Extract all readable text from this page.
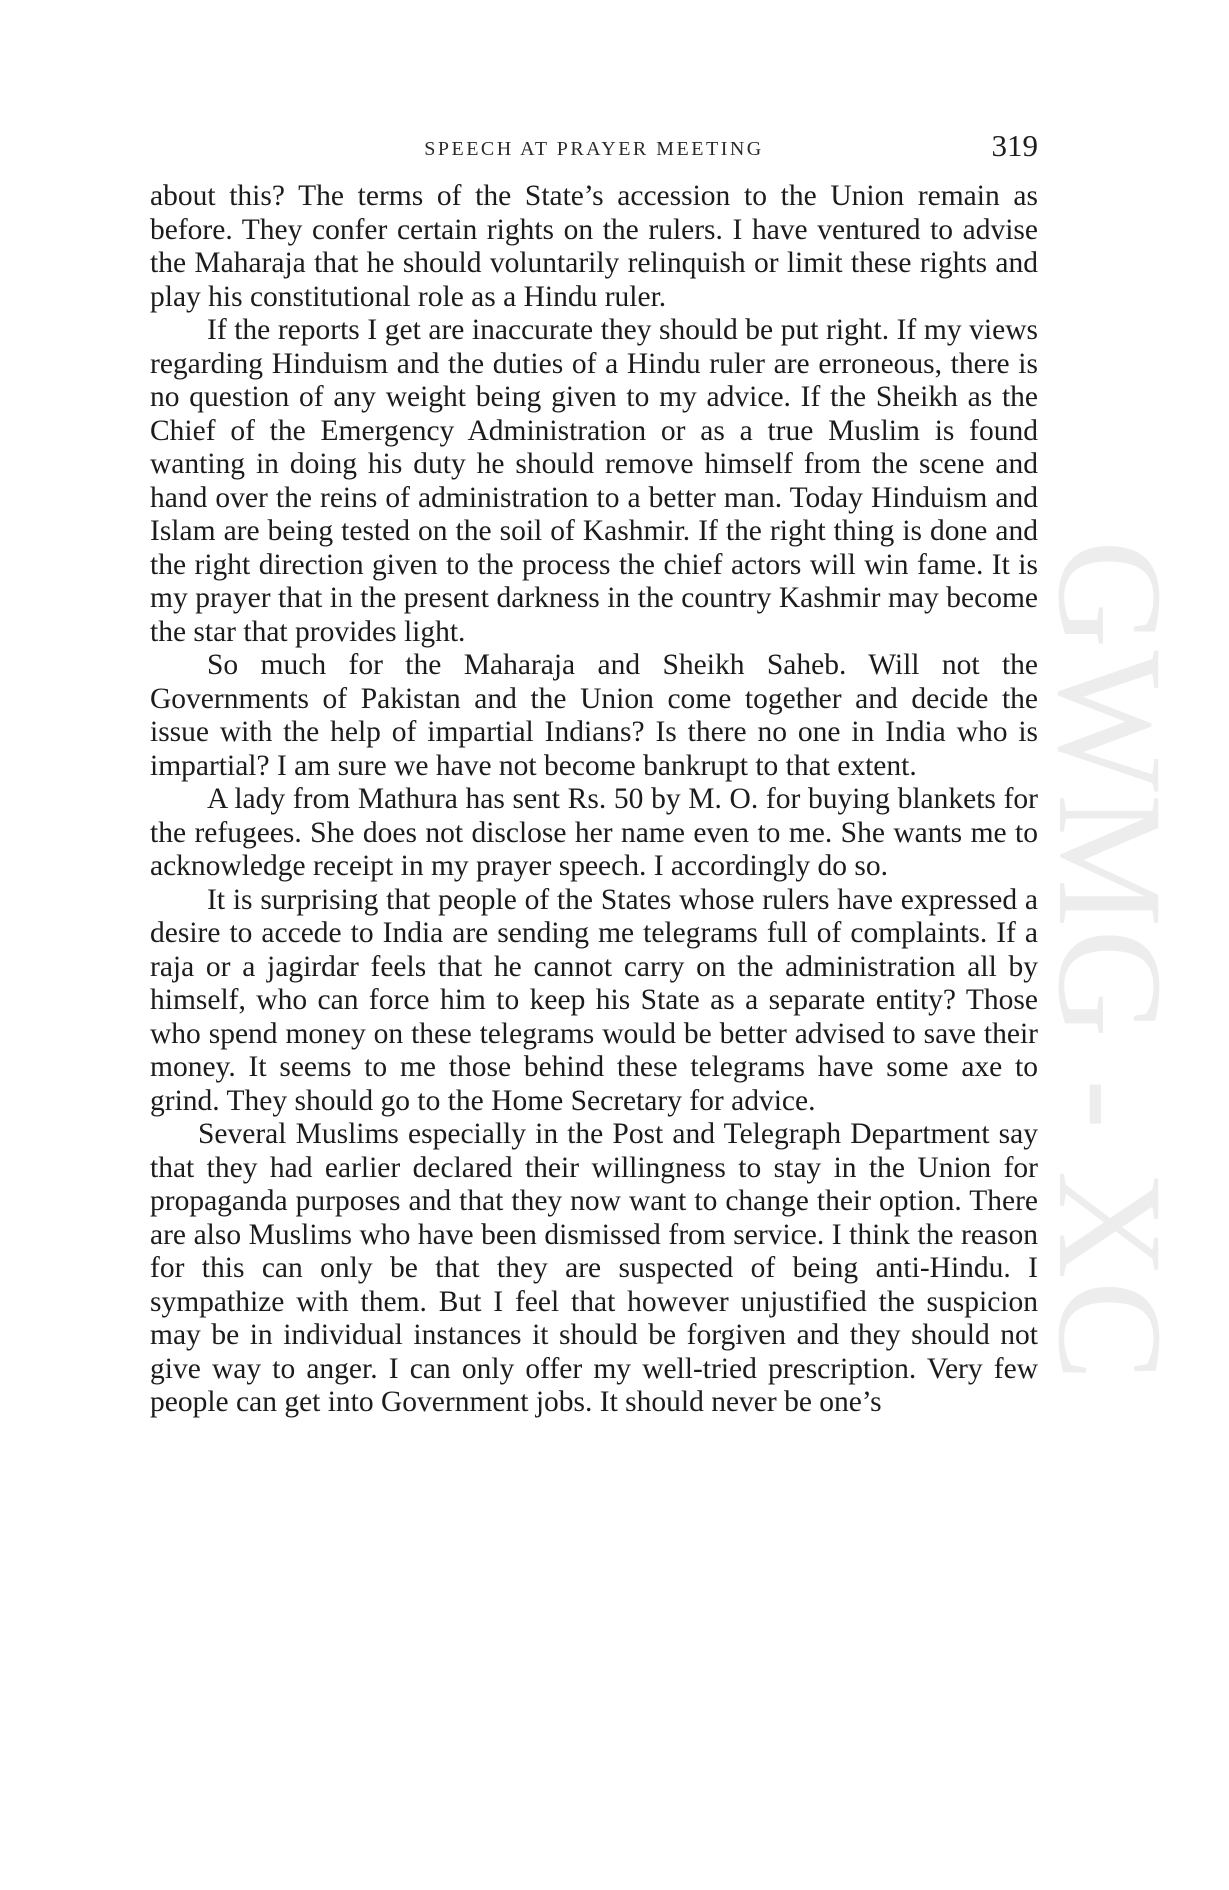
GWMG - XC
SPEECH AT PRAYER MEETING	319

about this? The terms of the State’s accession to the Union remain as before. They confer certain rights on the rulers. I have ventured to advise the Maharaja that he should voluntarily relinquish or limit these rights and play his constitutional role as a Hindu ruler.

If the reports I get are inaccurate they should be put right. If my views regarding Hinduism and the duties of a Hindu ruler are erroneous, there is no question of any weight being given to my advice. If the Sheikh as the Chief of the Emergency Administration or as a true Muslim is found wanting in doing his duty he should remove himself from the scene and hand over the reins of administration to a better man. Today Hinduism and Islam are being tested on the soil of Kashmir. If the right thing is done and the right direction given to the process the chief actors will win fame. It is my prayer that in the present darkness in the country Kashmir may become the star that provides light.

So much for the Maharaja and Sheikh Saheb. Will not the Governments of Pakistan and the Union come together and decide the issue with the help of impartial Indians? Is there no one in India who is impartial? I am sure we have not become bankrupt to that extent.

A lady from Mathura has sent Rs. 50 by M. O. for buying blankets for the refugees. She does not disclose her name even to me. She wants me to acknowledge receipt in my prayer speech. I accordingly do so.

It is surprising that people of the States whose rulers have expressed a desire to accede to India are sending me telegrams full of complaints. If a raja or a jagirdar feels that he cannot carry on the administration all by himself, who can force him to keep his State as a separate entity? Those who spend money on these telegrams would be better advised to save their money. It seems to me those behind these telegrams have some axe to grind. They should go to the Home Secretary for advice.

Several Muslims especially in the Post and Telegraph Department say that they had earlier declared their willingness to stay in the Union for propaganda purposes and that they now want to change their option. There are also Muslims who have been dismissed from service. I think the reason for this can only be that they are suspected of being anti-Hindu. I sympathize with them. But I feel that however unjustified the suspicion may be in individual instances it should be forgiven and they should not give way to anger. I can only offer my well-tried prescription. Very few people can get into Government jobs. It should never be one’s
